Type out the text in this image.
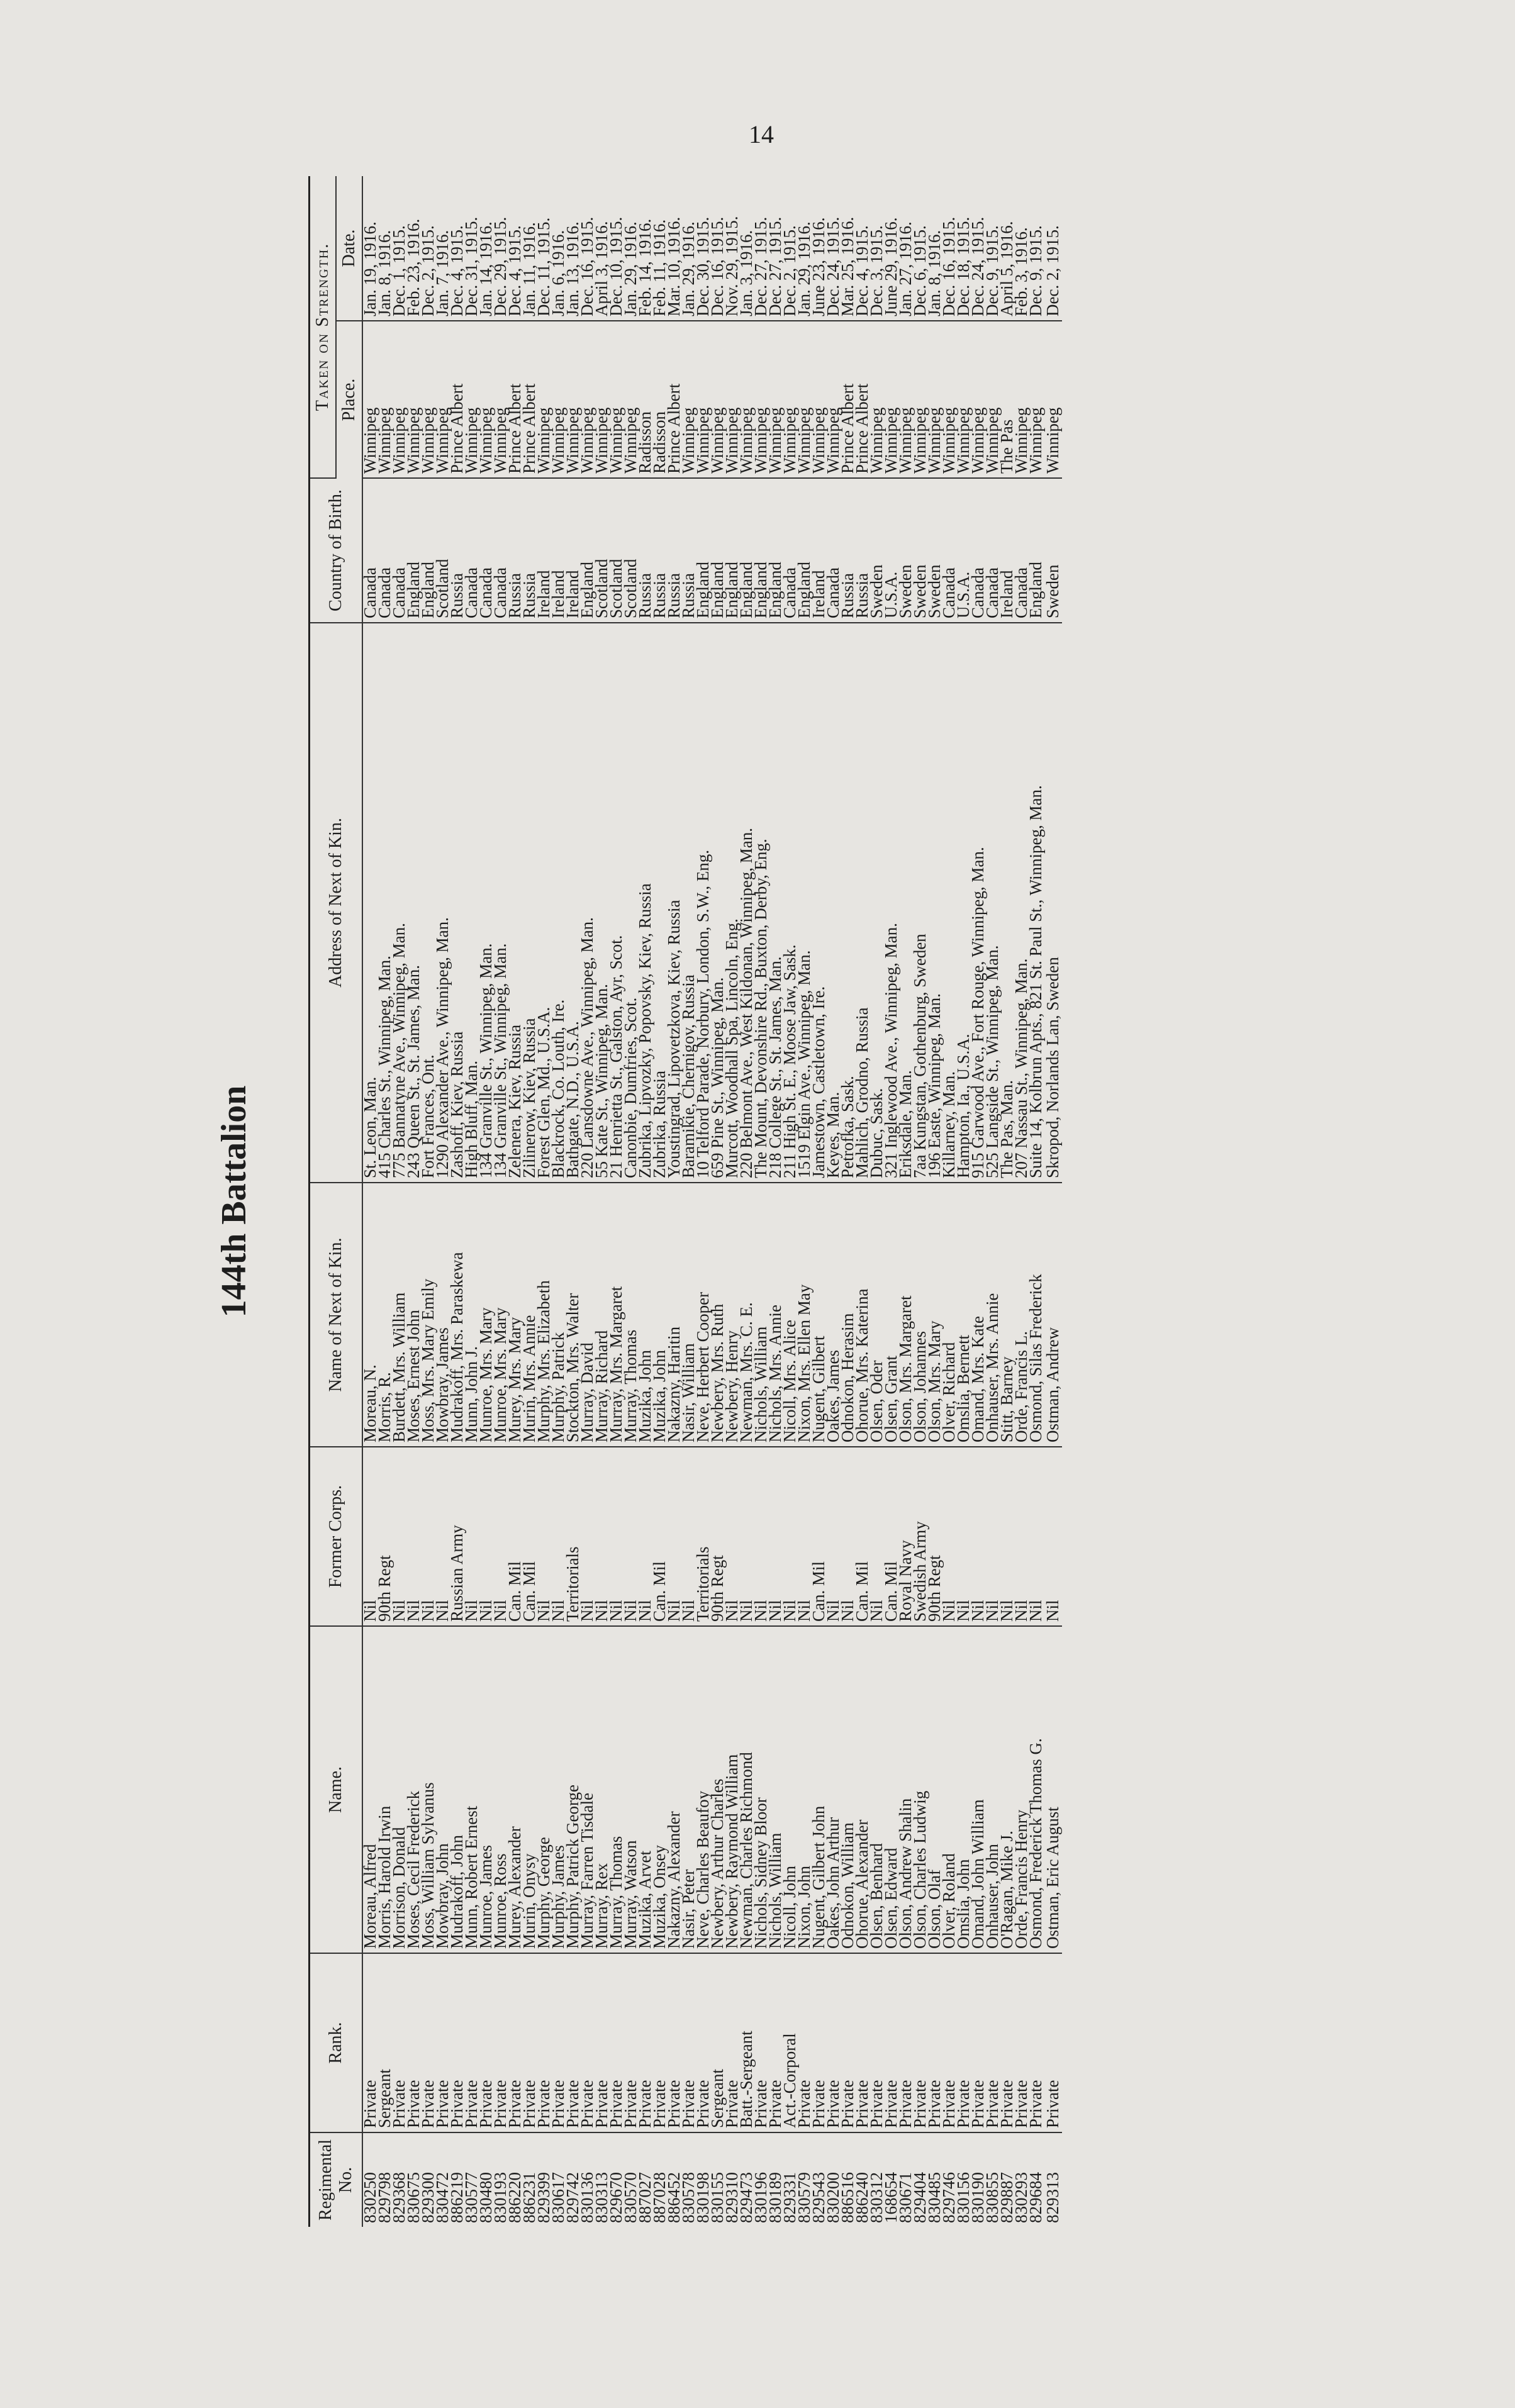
14
144th Battalion
Regimental No.	Rank.	Name.	Former Corps.	Name of Next of Kin.	Address of Next of Kin.	Country of Birth.	Taken on Strength.	
							Place.	Date.
830250	Private	Moreau, Alfred	Nil	Moreau, N.	St. Leon, Man.	Canada	Winnipeg	Jan. 19, 1916.
829798	Sergeant	Morris, Harold Irwin	90th Regt	Morris, R.	415 Charles St., Winnipeg, Man.	Canada	Winnipeg	Jan. 8, 1916.
829368	Private	Morrison, Donald	Nil	Burdett, Mrs. William	775 Bannatyne Ave., Winnipeg, Man.	Canada	Winnipeg	Dec. 1, 1915.
830675	Private	Moses, Cecil Frederick	Nil	Moses, Ernest John	243 Queen St., St. James, Man.	England	Winnipeg	Feb. 23, 1916.
829300	Private	Moss, William Sylvanus	Nil	Moss, Mrs. Mary Emily	Fort Frances, Ont.	England	Winnipeg	Dec. 2, 1915.
830472	Private	Mowbray, John	Nil	Mowbray, James	1290 Alexander Ave., Winnipeg, Man.	Scotland	Winnipeg	Jan. 7, 1916.
886219	Private	Mudrakoff, John	Russian Army	Mudrakoff, Mrs. Paraskewa	Zashoff, Kiev, Russia	Russia	Prince Albert	Dec. 4, 1915.
830577	Private	Munn, Robert Ernest	Nil	Munn, John J.	High Bluff, Man.	Canada	Winnipeg	Dec. 31, 1915.
830480	Private	Munroe, James	Nil	Munroe, Mrs. Mary	134 Granville St., Winnipeg, Man.	Canada	Winnipeg	Jan. 14, 1916.
830193	Private	Munroe, Ross	Nil	Munroe, Mrs. Mary	134 Granville St., Winnipeg, Man.	Canada	Winnipeg	Dec. 29, 1915.
886220	Private	Murey, Alexander	Can. Mil	Murey, Mrs. Mary	Zelenera, Kiev, Russia	Russia	Prince Albert	Dec. 4, 1915.
886231	Private	Murin, Onysy	Can. Mil	Murin, Mrs. Annie	Zilinerow, Kiev, Russia	Russia	Prince Albert	Jan. 11, 1916.
829399	Private	Murphy, George	Nil	Murphy, Mrs. Elizabeth	Forest Glen, Md., U.S.A.	Ireland	Winnipeg	Dec. 11, 1915.
830617	Private	Murphy, James	Nil	Murphy, Patrick	Blackrock, Co. Louth, Ire.	Ireland	Winnipeg	Jan. 6, 1916.
829742	Private	Murphy, Patrick George	Territorials	Stockton, Mrs. Walter	Bathgate, N.D., U.S.A.	Ireland	Winnipeg	Jan. 13, 1916.
830136	Private	Murray, Farren Tisdale	Nil	Murray, David	220 Lansdowne Ave., Winnipeg, Man.	England	Winnipeg	Dec. 16, 1915.
830313	Private	Murray, Rex	Nil	Murray, Richard	55 Kate St., Winnipeg, Man.	Scotland	Winnipeg	April 3, 1916.
829670	Private	Murray, Thomas	Nil	Murray, Mrs. Margaret	21 Henrietta St., Galston, Ayr, Scot.	Scotland	Winnipeg	Dec. 10, 1915.
830570	Private	Murray, Watson	Nil	Murray, Thomas	Canonbie, Dumfries, Scot.	Scotland	Winnipeg	Jan. 29, 1916.
887027	Private	Muzika, Arvet	Nil	Muzika, John	Zubrika, Lipvozky, Popovsky, Kiev, Russia	Russia	Radisson	Feb. 14, 1916.
887028	Private	Muzika, Onsey	Can. Mil	Muzika, John	Zubrika, Russia	Russia	Radisson	Feb. 11, 1916.
886452	Private	Nakazny, Alexander	Nil	Nakazny, Haritin	Youstingrad, Lipovetzkova, Kiev, Russia	Russia	Prince Albert	Mar. 10, 1916.
830578	Private	Nasir, Peter	Nil	Nasir, William	Baramikie, Chernigov, Russia	Russia	Winnipeg	Jan. 29, 1916.
830198	Private	Neve, Charles Beaufoy	Territorials	Neve, Herbert Cooper	10 Telford Parade, Norbury, London, S.W., Eng.	England	Winnipeg	Dec. 30, 1915.
830155	Sergeant	Newbery, Arthur Charles	90th Regt	Newbery, Mrs. Ruth	659 Pine St., Winnipeg, Man.	England	Winnipeg	Dec. 16, 1915.
829310	Private	Newbery, Raymond William	Nil	Newbery, Henry	Murcott, Woodhall Spa, Lincoln, Eng.	England	Winnipeg	Nov. 29, 1915.
829473	Batt.-Sergeant	Newman, Charles Richmond	Nil	Newman, Mrs. C. E.	220 Belmont Ave., West Kildonan, Winnipeg, Man.	England	Winnipeg	Jan. 3, 1916.
830196	Private	Nichols, Sidney Bloor	Nil	Nichols, William	The Mount, Devonshire Rd., Buxton, Derby, Eng.	England	Winnipeg	Dec. 27, 1915.
830189	Private	Nichols, William	Nil	Nichols, Mrs. Annie	218 College St., St. James, Man.	England	Winnipeg	Dec. 27, 1915.
829331	Act.-Corporal	Nicoll, John	Nil	Nicoll, Mrs. Alice	211 High St. E., Moose Jaw, Sask.	Canada	Winnipeg	Dec. 2, 1915.
830579	Private	Nixon, John	Nil	Nixon, Mrs. Ellen May	1519 Elgin Ave., Winnipeg, Man.	England	Winnipeg	Jan. 29, 1916.
829543	Private	Nugent, Gilbert John	Can. Mil	Nugent, Gilbert	Jamestown, Castletown, Ire.	Ireland	Winnipeg	June 23, 1916.
830200	Private	Oakes, John Arthur	Nil	Oakes, James	Keyes, Man.	Canada	Winnipeg	Dec. 24, 1915.
886516	Private	Odnokon, William	Nil	Odnokon, Herasim	Petrofka, Sask.	Russia	Prince Albert	Mar. 25, 1916.
886240	Private	Ohorue, Alexander	Can. Mil	Ohorue, Mrs. Katerina	Mahlich, Grodno, Russia	Russia	Prince Albert	Dec. 4, 1915.
830312	Private	Olsen, Benhard	Nil	Olsen, Oder	Dubuc, Sask.	Sweden	Winnipeg	Dec. 3, 1915.
168654	Private	Olsen, Edward	Can. Mil	Olsen, Grant	321 Inglewood Ave., Winnipeg, Man.	U.S.A.	Winnipeg	June 29, 1916.
830671	Private	Olson, Andrew Shalin	Royal Navy	Olson, Mrs. Margaret	Eriksdale, Man.	Sweden	Winnipeg	Jan. 27, 1916.
829404	Private	Olson, Charles Ludwig	Swedish Army	Olson, Johannes	7aa Kungstan, Gothenburg, Sweden	Sweden	Winnipeg	Dec. 6, 1915.
830485	Private	Olson, Olaf	90th Regt	Olson, Mrs. Mary	196 Easte, Winnipeg, Man.	Sweden	Winnipeg	Jan. 8, 1916.
829746	Private	Olver, Roland	Nil	Olver, Richard	Killarney, Man.	Canada	Winnipeg	Dec. 16, 1915.
830156	Private	Omslia, John	Nil	Omslia, Bernett	Hampton, Ia., U.S.A.	U.S.A.	Winnipeg	Dec. 18, 1915.
830190	Private	Omand, John William	Nil	Omand, Mrs. Kate	915 Garwood Ave., Fort Rouge, Winnipeg, Man.	Canada	Winnipeg	Dec. 24, 1915.
830855	Private	Onhauser, John	Nil	Onhauser, Mrs. Annie	525 Langside St., Winnipeg, Man.	Canada	Winnipeg	Dec. 9, 1915.
829887	Private	O'Ragan, Mike J.	Nil	Stitt, Barney	The Pas, Man.	Ireland	The Pas	April 5, 1916.
830293	Private	Orde, Francis Henry	Nil	Orde, Francis L.	207 Nassau St., Winnipeg, Man.	Canada	Winnipeg	Feb. 3, 1916.
829684	Private	Osmond, Frederick Thomas G.	Nil	Osmond, Silas Frederick	Suite 14, Kolbrun Apts., 821 St. Paul St., Winnipeg, Man.	England	Winnipeg	Dec. 9, 1915.
829313	Private	Ostman, Eric August	Nil	Ostman, Andrew	Skropod, Norlands Lan, Sweden	Sweden	Winnipeg	Dec. 2, 1915.
